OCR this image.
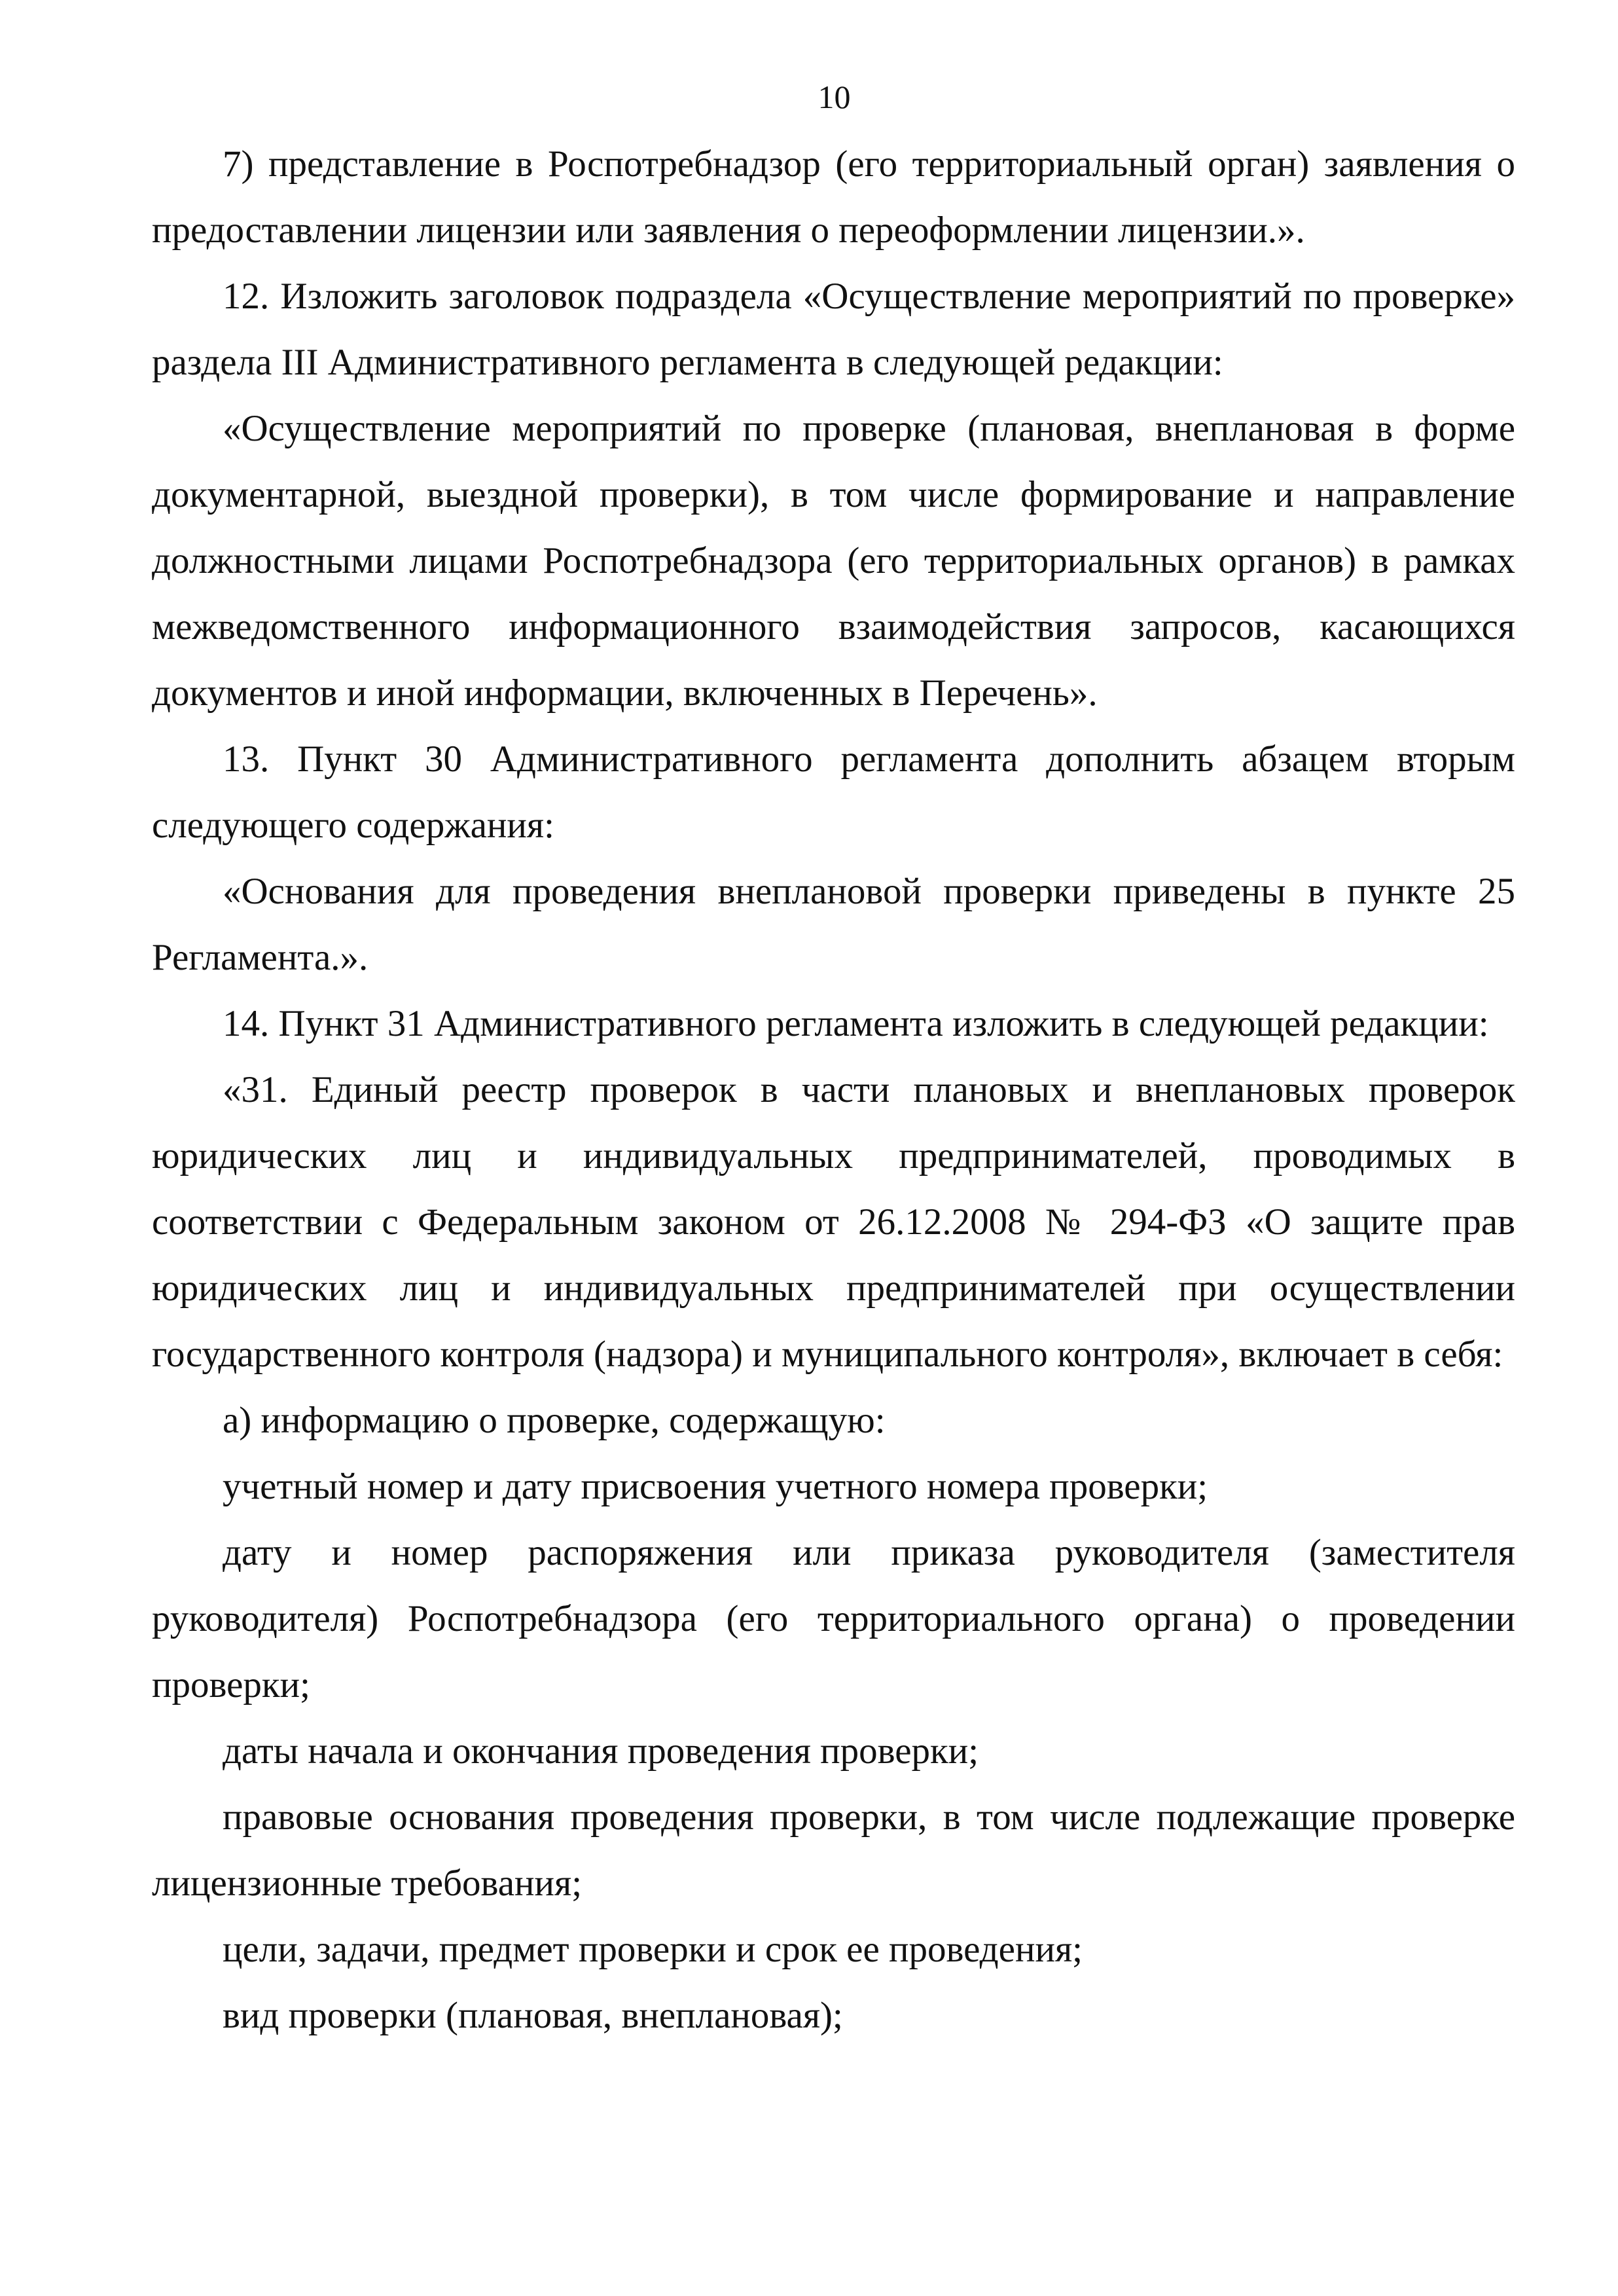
10

7) представление в Роспотребнадзор (его территориальный орган) заявления о предоставлении лицензии или заявления о переоформлении лицензии.».

12. Изложить заголовок подраздела «Осуществление мероприятий по проверке» раздела III Административного регламента в следующей редакции:

«Осуществление мероприятий по проверке (плановая, внеплановая в форме документарной, выездной проверки), в том числе формирование и направление должностными лицами Роспотребнадзора (его территориальных органов) в рамках межведомственного информационного взаимодействия запросов, касающихся документов и иной информации, включенных в Перечень».

13. Пункт 30 Административного регламента дополнить абзацем вторым следующего содержания:

«Основания для проведения внеплановой проверки приведены в пункте 25 Регламента.».

14. Пункт 31 Административного регламента изложить в следующей редакции:

«31. Единый реестр проверок в части плановых и внеплановых проверок юридических лиц и индивидуальных предпринимателей, проводимых в соответствии с Федеральным законом от 26.12.2008 № 294-ФЗ «О защите прав юридических лиц и индивидуальных предпринимателей при осуществлении государственного контроля (надзора) и муниципального контроля», включает в себя:

а) информацию о проверке, содержащую:

учетный номер и дату присвоения учетного номера проверки;

дату и номер распоряжения или приказа руководителя (заместителя руководителя) Роспотребнадзора (его территориального органа) о проведении проверки;

даты начала и окончания проведения проверки;

правовые основания проведения проверки, в том числе подлежащие проверке лицензионные требования;

цели, задачи, предмет проверки и срок ее проведения;

вид проверки (плановая, внеплановая);
